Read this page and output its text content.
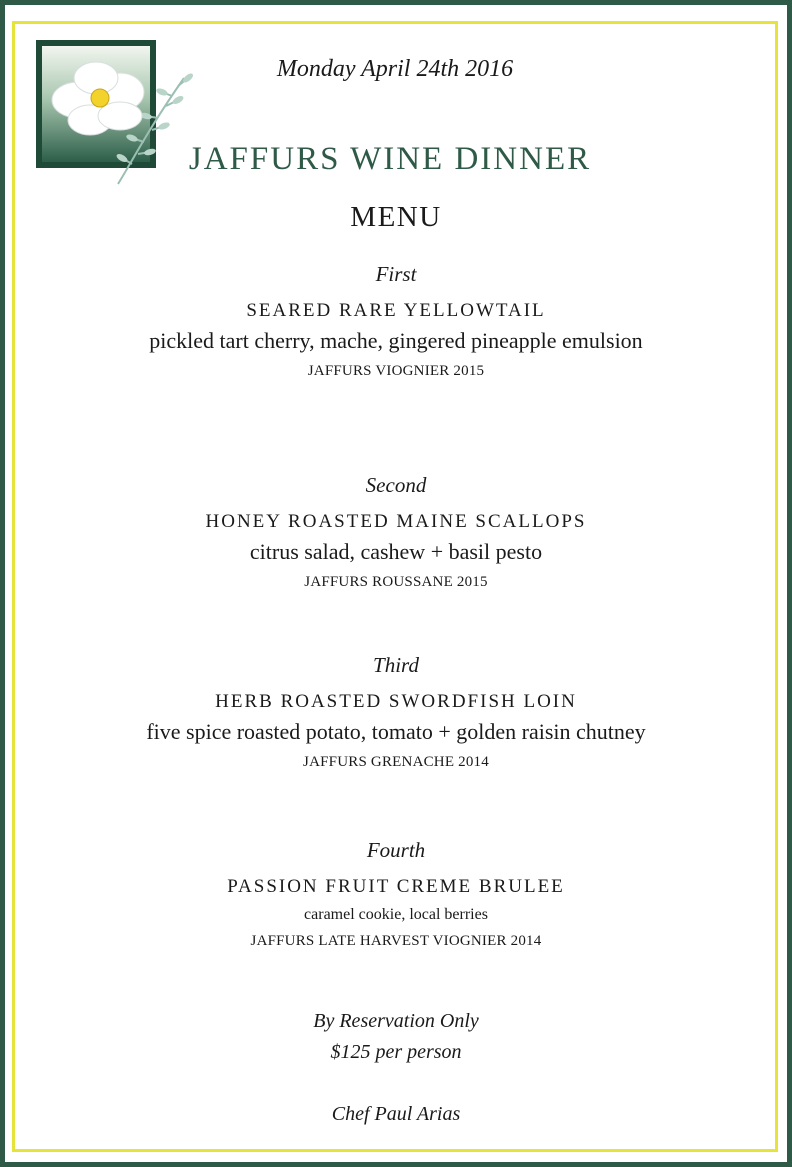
Monday April 24th 2016
JAFFURS WINE DINNER
MENU
First
SEARED RARE YELLOWTAIL
pickled tart cherry, mache, gingered pineapple emulsion
JAFFURS VIOGNIER 2015
Second
HONEY ROASTED MAINE SCALLOPS
citrus salad, cashew + basil pesto
JAFFURS ROUSSANE 2015
Third
HERB ROASTED SWORDFISH LOIN
five spice roasted potato, tomato + golden raisin chutney
JAFFURS GRENACHE 2014
Fourth
PASSION FRUIT CREME BRULEE
caramel cookie, local berries
JAFFURS LATE HARVEST VIOGNIER 2014
By Reservation Only
$125 per person
Chef Paul Arias
